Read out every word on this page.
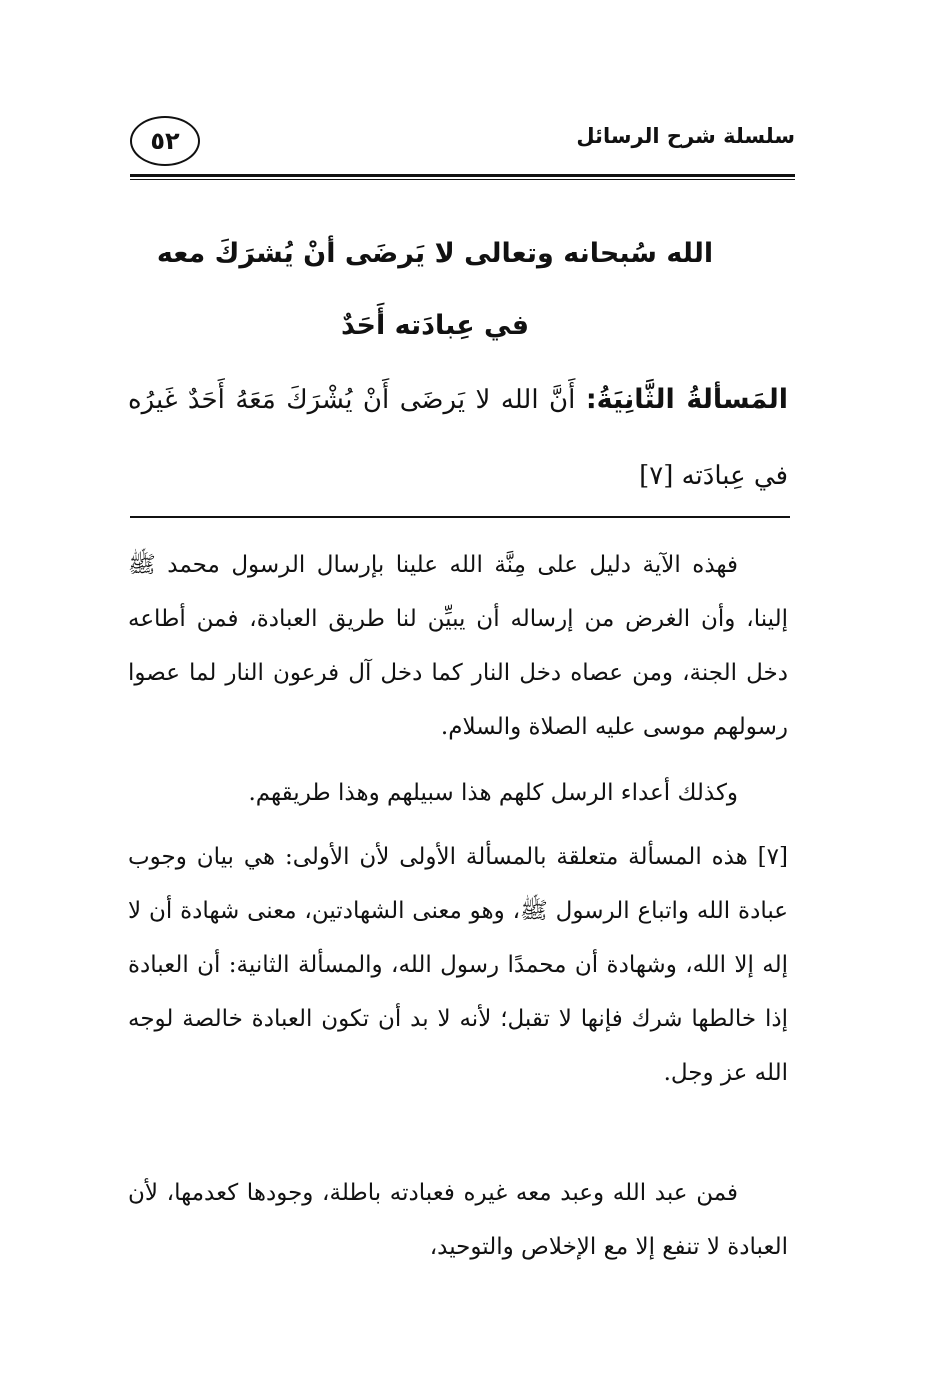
٥٢	سلسلة شرح الرسائل
الله سُبحانه وتعالى لا يَرضَى أنْ يُشرَكَ معه
في عِبادَته أَحَدٌ
المَسألةُ الثَّانِيَةُ: أَنَّ الله لا يَرضَى أَنْ يُشْرَكَ مَعَهُ أَحَدٌ غَيرُه في عِبادَته [٧]

فهذه الآية دليل على مِنَّة الله علينا بإرسال الرسول محمد ﷺ إلينا، وأن الغرض من إرساله أن يبيِّن لنا طريق العبادة، فمن أطاعه دخل الجنة، ومن عصاه دخل النار كما دخل آل فرعون النار لما عصوا رسولهم موسى عليه الصلاة والسلام.

وكذلك أعداء الرسل كلهم هذا سبيلهم وهذا طريقهم.

[٧] هذه المسألة متعلقة بالمسألة الأولى لأن الأولى: هي بيان وجوب عبادة الله واتباع الرسول ﷺ، وهو معنى الشهادتين، معنى شهادة أن لا إله إلا الله، وشهادة أن محمدًا رسول الله، والمسألة الثانية: أن العبادة إذا خالطها شرك فإنها لا تقبل؛ لأنه لا بد أن تكون العبادة خالصة لوجه الله عز وجل.

فمن عبد الله وعبد معه غيره فعبادته باطلة، وجودها كعدمها، لأن العبادة لا تنفع إلا مع الإخلاص والتوحيد،
